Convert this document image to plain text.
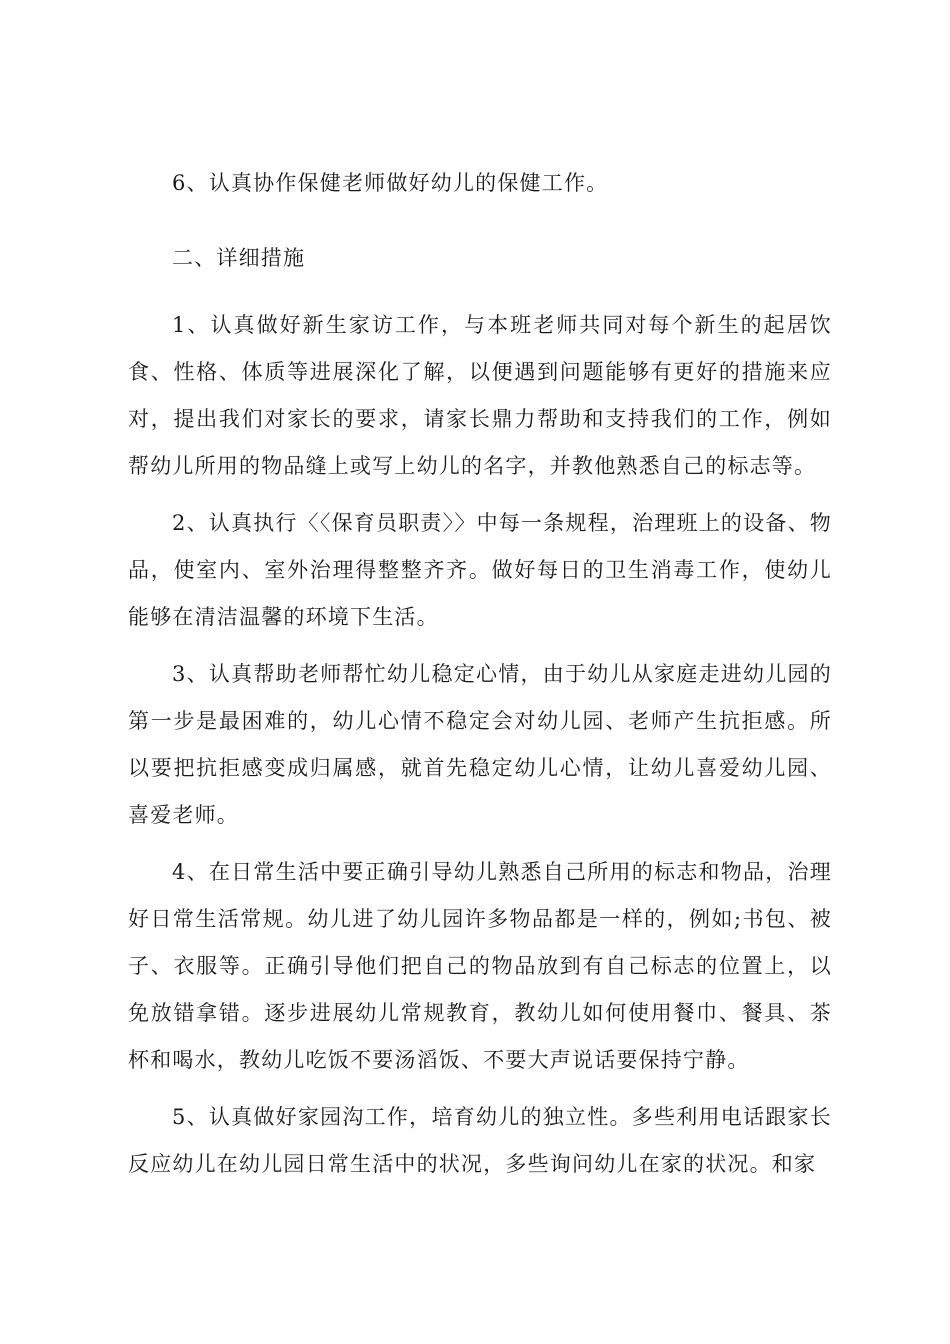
6、认真协作保健老师做好幼儿的保健工作。

二、详细措施

1、认真做好新生家访工作，与本班老师共同对每个新生的起居饮食、性格、体质等进展深化了解，以便遇到问题能够有更好的措施来应对，提出我们对家长的要求，请家长鼎力帮助和支持我们的工作，例如帮幼儿所用的物品缝上或写上幼儿的名字，并教他熟悉自己的标志等。

2、认真执行〈〈保育员职责〉〉中每一条规程，治理班上的设备、物品，使室内、室外治理得整整齐齐。做好每日的卫生消毒工作，使幼儿能够在清洁温馨的环境下生活。

3、认真帮助老师帮忙幼儿稳定心情，由于幼儿从家庭走进幼儿园的第一步是最困难的，幼儿心情不稳定会对幼儿园、老师产生抗拒感。所以要把抗拒感变成归属感，就首先稳定幼儿心情，让幼儿喜爱幼儿园、喜爱老师。

4、在日常生活中要正确引导幼儿熟悉自己所用的标志和物品，治理好日常生活常规。幼儿进了幼儿园许多物品都是一样的，例如;书包、被子、衣服等。正确引导他们把自己的物品放到有自己标志的位置上，以免放错拿错。逐步进展幼儿常规教育，教幼儿如何使用餐巾、餐具、茶杯和喝水，教幼儿吃饭不要汤滔饭、不要大声说话要保持宁静。

5、认真做好家园沟工作，培育幼儿的独立性。多些利用电话跟家长反应幼儿在幼儿园日常生活中的状况，多些询问幼儿在家的状况。和家
